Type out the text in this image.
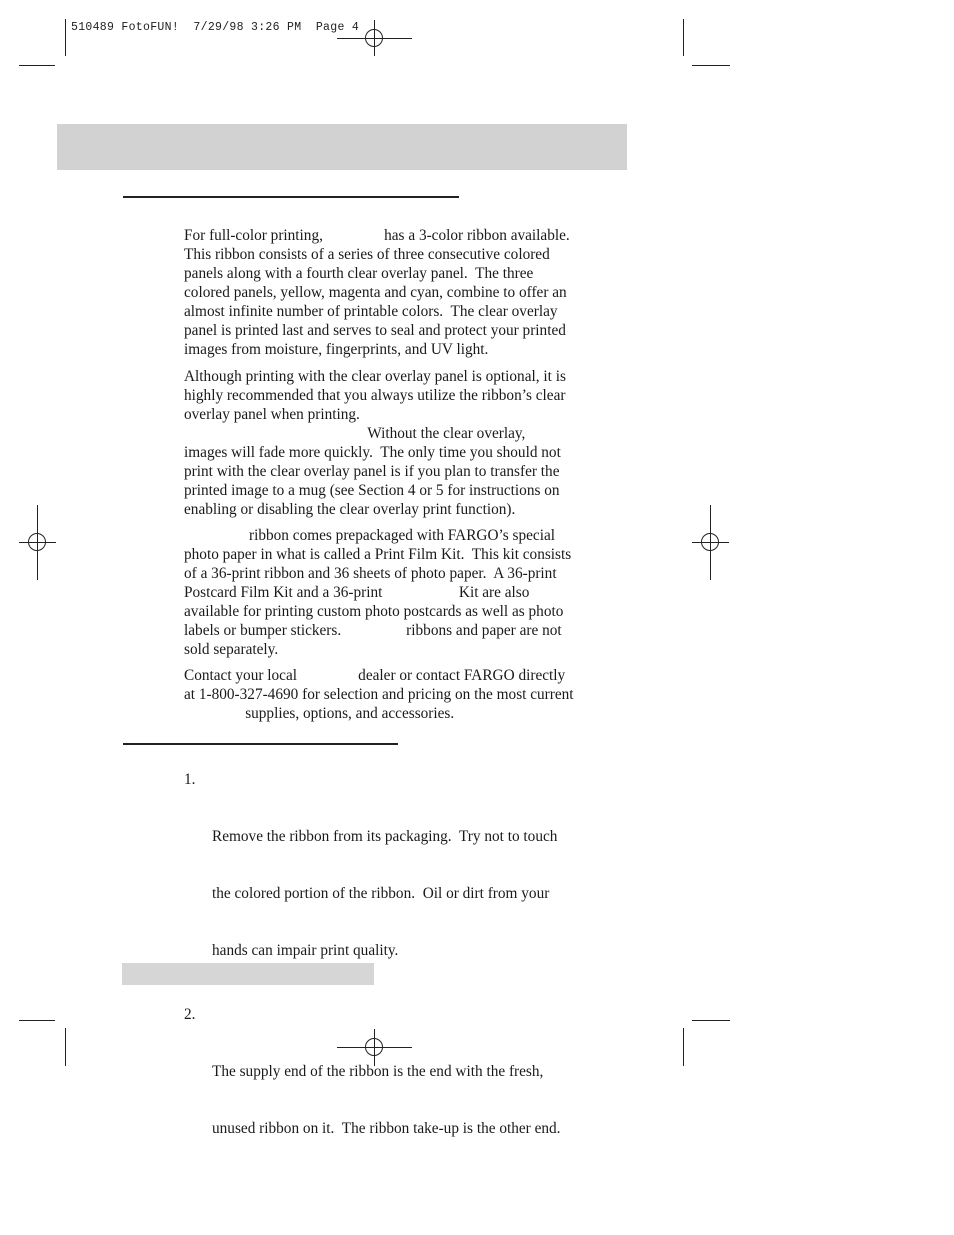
510489 FotoFUN!  7/29/98 3:26 PM  Page 4

For full-color printing,                has a 3-color ribbon available.

This ribbon consists of a series of three consecutive colored

panels along with a fourth clear overlay panel.  The three

colored panels, yellow, magenta and cyan, combine to offer an

almost infinite number of printable colors.  The clear overlay

panel is printed last and serves to seal and protect your printed

images from moisture, fingerprints, and UV light.

Although printing with the clear overlay panel is optional, it is

highly recommended that you always utilize the ribbon’s clear

overlay panel when printing.

Without the clear overlay,

images will fade more quickly.  The only time you should not

print with the clear overlay panel is if you plan to transfer the

printed image to a mug (see Section 4 or 5 for instructions on

enabling or disabling the clear overlay print function).

ribbon comes prepackaged with FARGO’s special

photo paper in what is called a Print Film Kit.  This kit consists

of a 36-print ribbon and 36 sheets of photo paper.  A 36-print

Postcard Film Kit and a 36-print                    Kit are also

available for printing custom photo postcards as well as photo

labels or bumper stickers.                 ribbons and paper are not

sold separately.

Contact your local                dealer or contact FARGO directly

at 1-800-327-4690 for selection and pricing on the most current

supplies, options, and accessories.

1.

Remove the ribbon from its packaging.  Try not to touch

the colored portion of the ribbon.  Oil or dirt from your

hands can impair print quality.

2.

The supply end of the ribbon is the end with the fresh,

unused ribbon on it.  The ribbon take-up is the other end.
